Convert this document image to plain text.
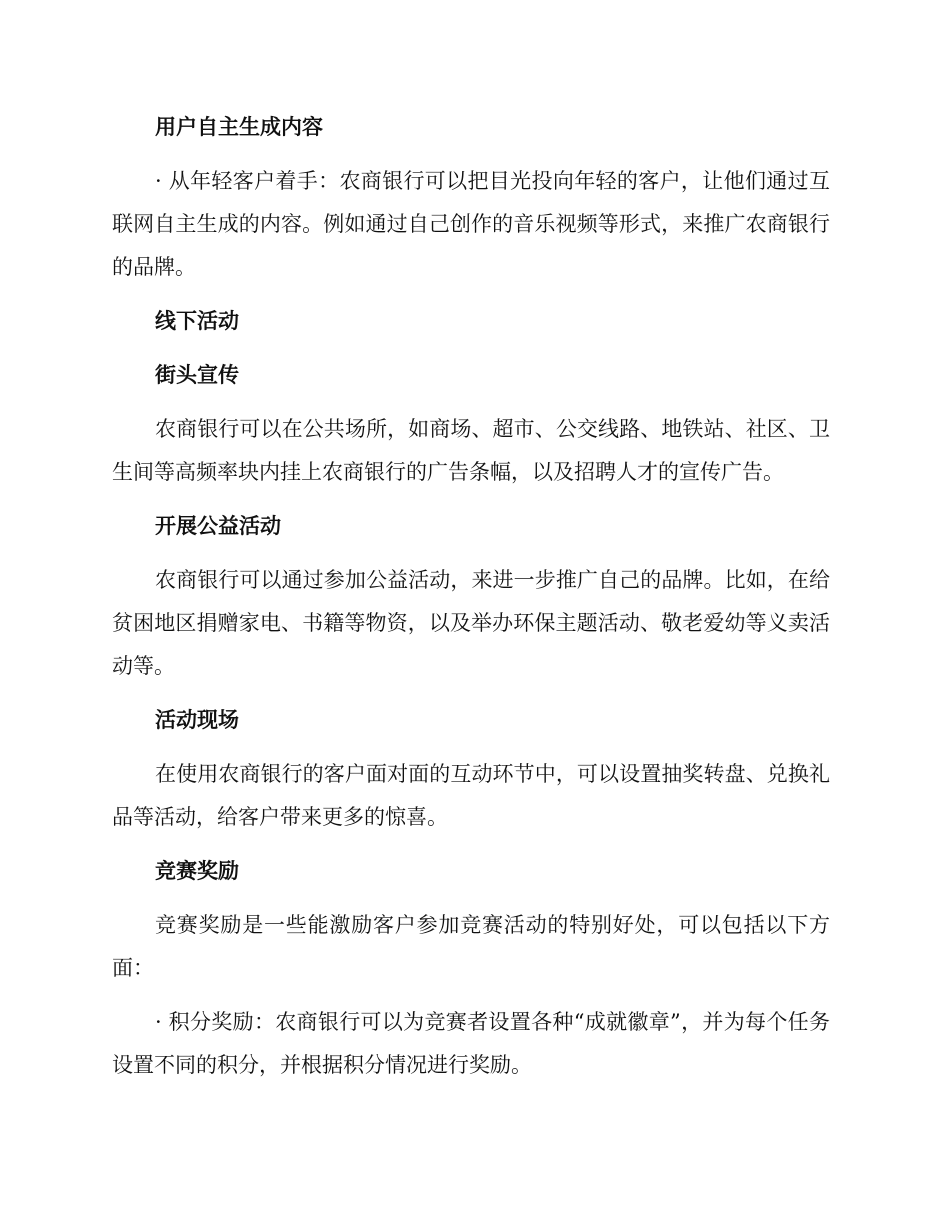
用户自主生成内容

· 从年轻客户着手：农商银行可以把目光投向年轻的客户，让他们通过互联网自主生成的内容。例如通过自己创作的音乐视频等形式，来推广农商银行的品牌。

线下活动
街头宣传

农商银行可以在公共场所，如商场、超市、公交线路、地铁站、社区、卫生间等高频率块内挂上农商银行的广告条幅，以及招聘人才的宣传广告。

开展公益活动

农商银行可以通过参加公益活动，来进一步推广自己的品牌。比如，在给贫困地区捐赠家电、书籍等物资，以及举办环保主题活动、敬老爱幼等义卖活动等。

活动现场

在使用农商银行的客户面对面的互动环节中，可以设置抽奖转盘、兑换礼品等活动，给客户带来更多的惊喜。

竞赛奖励

竞赛奖励是一些能激励客户参加竞赛活动的特别好处，可以包括以下方面：

· 积分奖励：农商银行可以为竞赛者设置各种“成就徽章”，并为每个任务设置不同的积分，并根据积分情况进行奖励。
